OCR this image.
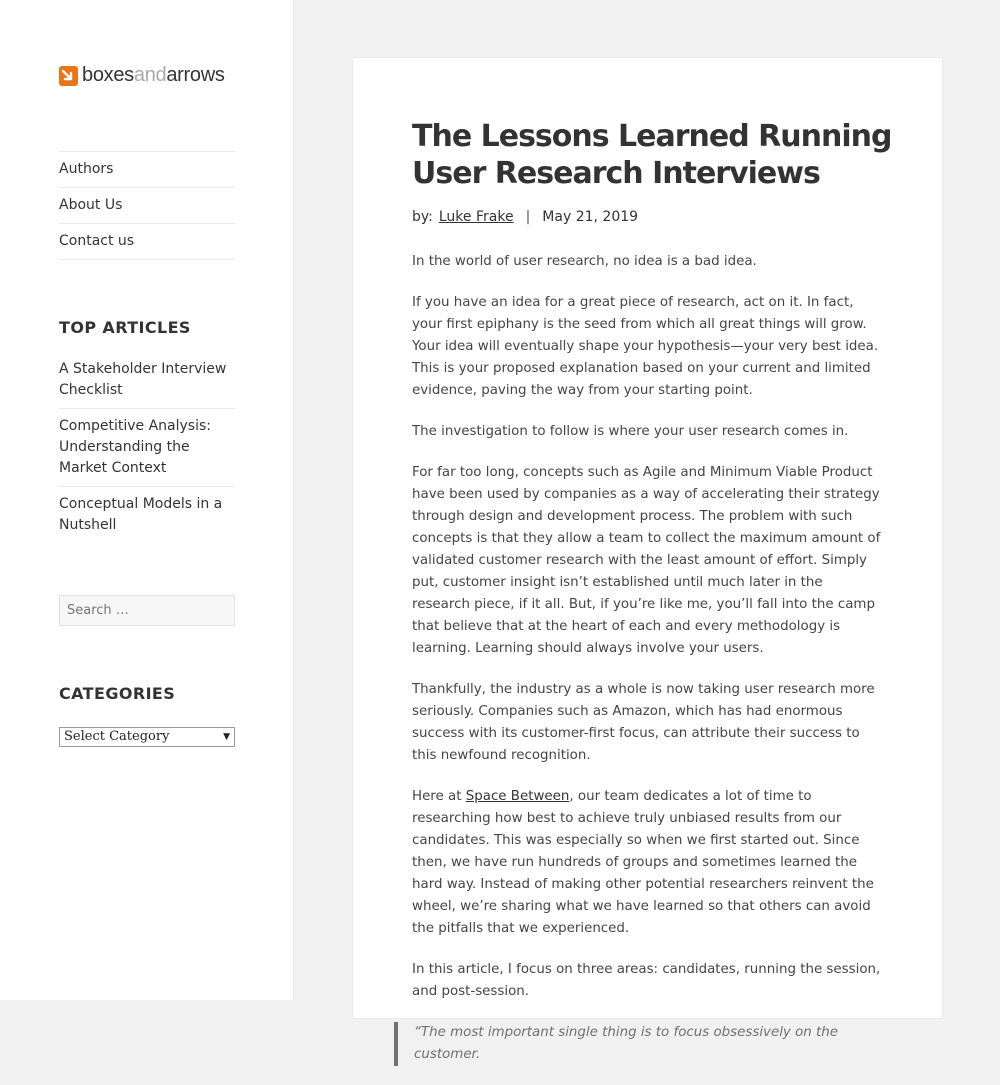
boxesandarrows
Authors
About Us
Contact us
TOP ARTICLES
A Stakeholder Interview Checklist
Competitive Analysis: Understanding the Market Context
Conceptual Models in a Nutshell
Search …
CATEGORIES
Select Category	▼
The Lessons Learned Running User Research Interviews
by: Luke Frake | May 21, 2019

In the world of user research, no idea is a bad idea.

If you have an idea for a great piece of research, act on it. In fact, your first epiphany is the seed from which all great things will grow. Your idea will eventually shape your hypothesis—your very best idea. This is your proposed explanation based on your current and limited evidence, paving the way from your starting point.

The investigation to follow is where your user research comes in.

For far too long, concepts such as Agile and Minimum Viable Product have been used by companies as a way of accelerating their strategy through design and development process. The problem with such concepts is that they allow a team to collect the maximum amount of validated customer research with the least amount of effort. Simply put, customer insight isn’t established until much later in the research piece, if it all. But, if you’re like me, you’ll fall into the camp that believe that at the heart of each and every methodology is learning. Learning should always involve your users.

Thankfully, the industry as a whole is now taking user research more seriously. Companies such as Amazon, which has had enormous success with its customer-first focus, can attribute their success to this newfound recognition.

Here at Space Between, our team dedicates a lot of time to researching how best to achieve truly unbiased results from our candidates. This was especially so when we first started out. Since then, we have run hundreds of groups and sometimes learned the hard way. Instead of making other potential researchers reinvent the wheel, we’re sharing what we have learned so that others can avoid the pitfalls that we experienced.

In this article, I focus on three areas: candidates, running the session, and post-session.

“The most important single thing is to focus obsessively on the customer.
